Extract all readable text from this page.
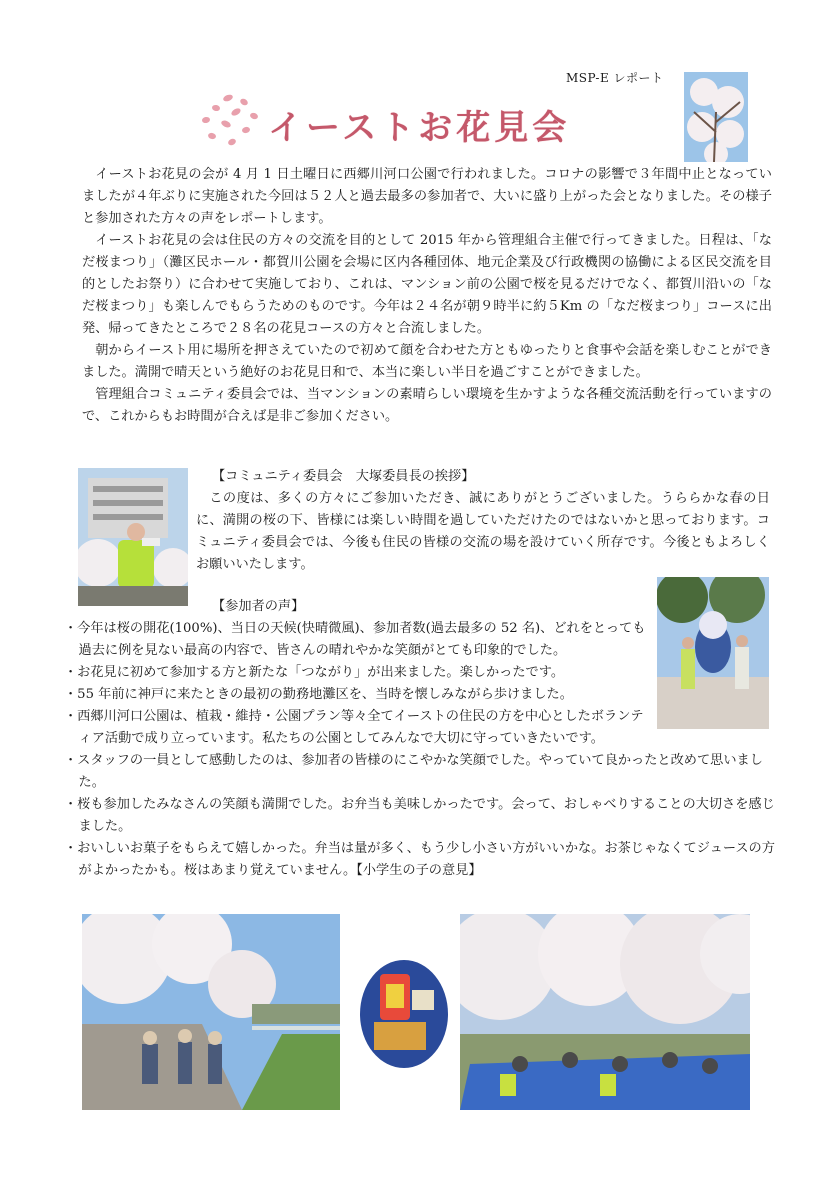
MSP-E レポート
イーストお花見会

イーストお花見の会が 4 月 1 日土曜日に西郷川河口公園で行われました。コロナの影響で３年間中止となっていましたが４年ぶりに実施された今回は５２人と過去最多の参加者で、大いに盛り上がった会となりました。その様子と参加された方々の声をレポートします。

イーストお花見の会は住民の方々の交流を目的として 2015 年から管理組合主催で行ってきました。日程は、「なだ桜まつり」（灘区民ホール・都賀川公園を会場に区内各種団体、地元企業及び行政機関の協働による区民交流を目的としたお祭り）に合わせて実施しており、これは、マンション前の公園で桜を見るだけでなく、都賀川沿いの「なだ桜まつり」も楽しんでもらうためのものです。今年は２４名が朝９時半に約５Km の「なだ桜まつり」コースに出発、帰ってきたところで２８名の花見コースの方々と合流しました。

朝からイースト用に場所を押さえていたので初めて顔を合わせた方ともゆったりと食事や会話を楽しむことができました。満開で晴天という絶好のお花見日和で、本当に楽しい半日を過ごすことができました。

管理組合コミュニティ委員会では、当マンションの素晴らしい環境を生かすような各種交流活動を行っていますので、これからもお時間が合えば是非ご参加ください。

【コミュニティ委員会　大塚委員長の挨拶】

この度は、多くの方々にご参加いただき、誠にありがとうございました。うららかな春の日に、満開の桜の下、皆様には楽しい時間を過していただけたのではないかと思っております。コミュニティ委員会では、今後も住民の皆様の交流の場を設けていく所存です。今後ともよろしくお願いいたします。

【参加者の声】

・今年は桜の開花(100%)、当日の天候(快晴微風)、参加者数(過去最多の 52 名)、どれをとっても過去に例を見ない最高の内容で、皆さんの晴れやかな笑顔がとても印象的でした。
・お花見に初めて参加する方と新たな「つながり」が出来ました。楽しかったです。
・55 年前に神戸に来たときの最初の勤務地灘区を、当時を懐しみながら歩けました。
・西郷川河口公園は、植栽・維持・公園プラン等々全てイーストの住民の方を中心としたボランティア活動で成り立っています。私たちの公園としてみんなで大切に守っていきたいです。
・スタッフの一員として感動したのは、参加者の皆様のにこやかな笑顔でした。やっていて良かったと改めて思いました。
・桜も参加したみなさんの笑顔も満開でした。お弁当も美味しかったです。会って、おしゃべりすることの大切さを感じました。
・おいしいお菓子をもらえて嬉しかった。弁当は量が多く、もう少し小さい方がいいかな。お茶じゃなくてジュースの方がよかったかも。桜はあまり覚えていません。【小学生の子の意見】
